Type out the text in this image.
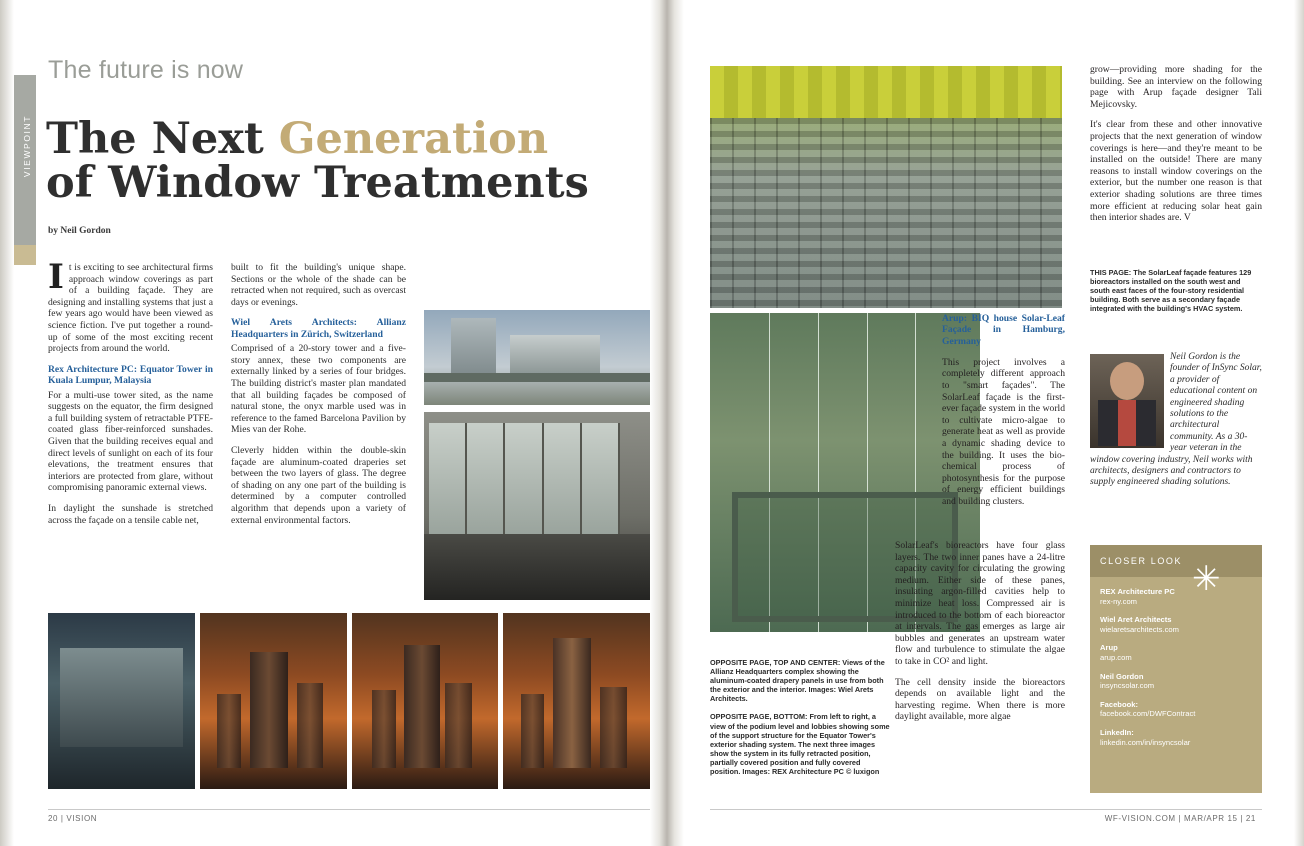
VIEWPOINT
The future is now
The Next Generation
of Window Treatments
by Neil Gordon

It is exciting to see architectural firms approach window coverings as part of a building façade. They are designing and installing systems that just a few years ago would have been viewed as science fiction. I've put together a round-up of some of the most exciting recent projects from around the world.

Rex Architecture PC: Equator Tower in Kuala Lumpur, Malaysia

For a multi-use tower sited, as the name suggests on the equator, the firm designed a full building system of retractable PTFE-coated glass fiber-reinforced sunshades. Given that the building receives equal and direct levels of sunlight on each of its four elevations, the treatment ensures that interiors are protected from glare, without compromising panoramic external views.

In daylight the sunshade is stretched across the façade on a tensile cable net,

built to fit the building's unique shape. Sections or the whole of the shade can be retracted when not required, such as overcast days or evenings.

Wiel Arets Architects: Allianz Headquarters in Zürich, Switzerland

Comprised of a 20-story tower and a five-story annex, these two components are externally linked by a series of four bridges. The building district's master plan mandated that all building façades be composed of natural stone, the onyx marble used was in reference to the famed Barcelona Pavilion by Mies van der Rohe.

Cleverly hidden within the double-skin façade are aluminum-coated draperies set between the two layers of glass. The degree of shading on any one part of the building is determined by a computer controlled algorithm that depends upon a variety of external environmental factors.

Arup: BIQ house Solar-Leaf Façade in Hamburg, Germany

This project involves a completely different approach to "smart façades". The SolarLeaf façade is the first-ever façade system in the world to cultivate micro-algae to generate heat as well as provide a dynamic shading device to the building. It uses the bio-chemical process of photosynthesis for the purpose of energy efficient buildings and building clusters.

SolarLeaf's bioreactors have four glass layers. The two inner panes have a 24-litre capacity cavity for circulating the growing medium. Either side of these panes, insulating argon-filled cavities help to minimize heat loss. Compressed air is introduced to the bottom of each bioreactor at intervals. The gas emerges as large air bubbles and generates an upstream water flow and turbulence to stimulate the algae to take in CO² and light.

The cell density inside the bioreactors depends on available light and the harvesting regime. When there is more daylight available, more algae

grow—providing more shading for the building. See an interview on the following page with Arup façade designer Tali Mejicovsky.

It's clear from these and other innovative projects that the next generation of window coverings is here—and they're meant to be installed on the outside! There are many reasons to install window coverings on the exterior, but the number one reason is that exterior shading solutions are three times more efficient at reducing solar heat gain then interior shades are. V

OPPOSITE PAGE, TOP AND CENTER: Views of the Allianz Headquarters complex showing the aluminum-coated drapery panels in use from both the exterior and the interior. Images: Wiel Arets Architects.

OPPOSITE PAGE, BOTTOM: From left to right, a view of the podium level and lobbies showing some of the support structure for the Equator Tower's exterior shading system. The next three images show the system in its fully retracted position, partially covered position and fully covered position. Images: REX Architecture PC © luxigon

THIS PAGE: The SolarLeaf façade features 129 bioreactors installed on the south west and south east faces of the four-story residential building. Both serve as a secondary façade integrated with the building's HVAC system.
Neil Gordon is the founder of InSync Solar, a provider of educational content on engineered shading solutions to the architectural community. As a 30-year veteran in the window covering industry, Neil works with architects, designers and contractors to supply engineered shading solutions.
CLOSER LOOK
REX Architecture PC
rex-ny.com
Wiel Aret Architects
wielaretsarchitects.com
Arup
arup.com
Neil Gordon
insyncsolar.com
Facebook:
facebook.com/DWFContract
LinkedIn:
linkedin.com/in/insyncsolar
✳
20 | VISION	WF-VISION.COM | MAR/APR 15 | 21
